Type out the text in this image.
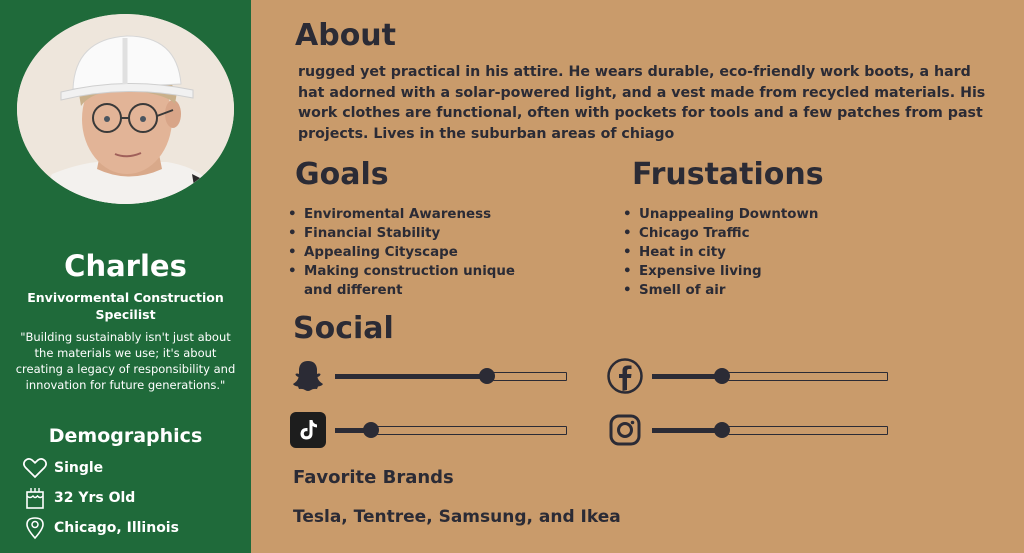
Charles
Envivormental Construction Specilist
"Building sustainably isn't just about the materials we use; it's about creating a legacy of responsibility and innovation for future generations."
Demographics
Single
32 Yrs Old
Chicago, Illinois
About
rugged yet practical in his attire. He wears durable, eco-friendly work boots, a hard hat adorned with a solar-powered light, and a vest made from recycled materials. His work clothes are functional, often with pockets for tools and a few patches from past projects. Lives in the suburban areas of chiago
Goals
• Enviromental Awareness
• Financial Stability
• Appealing Cityscape
• Making construction unique and different
Frustations
• Unappealing Downtown
• Chicago Traffic
• Heat in city
• Expensive living
• Smell of air
Social
Favorite Brands
Tesla, Tentree, Samsung, and Ikea
